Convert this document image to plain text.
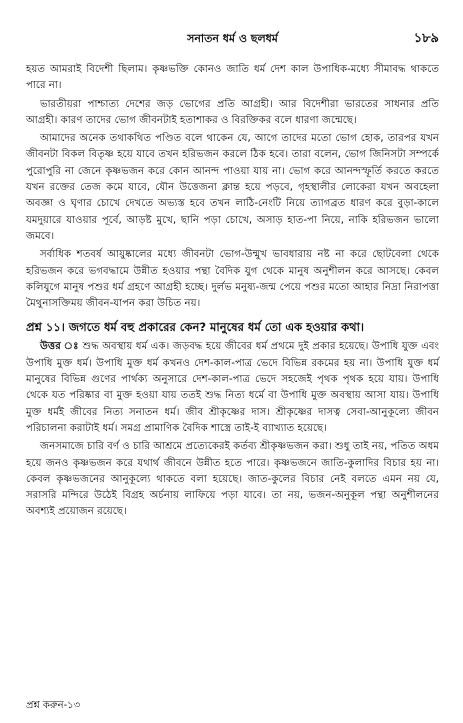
সনাতন ধর্ম ও ছলধর্ম	১৮৯

হয়ত আমরাই বিদেশী ছিলাম। কৃষ্ণভক্তি কোনও জাতি ধর্ম দেশ কাল উপাধিক-মধ্যে সীমাবদ্ধ থাকতে পারে না।

ভারতীয়রা পাশ্চাত্য দেশের জড় ভোগের প্রতি আগ্রহী। আর বিদেশীরা ভারতের সাধনার প্রতি আগ্রহী। কারণ তাদের ভোগ জীবনটাই হতাশাকর ও বিরক্তিকর বলে ধারণা জন্মেছে।

আমাদের অনেক তথাকথিত পণ্ডিত বলে থাকেন যে, আগে তাদের মতো ভোগ হোক, তারপর যখন জীবনটা বিকল বিতৃষ্ণ হয়ে যাবে তখন হরিভজন করলে ঠিক হবে। তারা বলেন, ভোগ জিনিসটা সম্পর্কে পুরোপুরি না জেনে কৃষ্ণভজন করে কোন আনন্দ পাওয়া যায় না। ভোগ করে আনন্দস্ফূর্তি করতে করতে যখন রক্তের তেজ কমে যাবে, যৌন উত্তেজনা ক্লান্ত হয়ে পড়বে, গৃহস্থালীর লোকেরা যখন অবহেলা অবজ্ঞা ও ঘৃণার চোখে দেখতে অভ্যস্ত হবে তখন লাঠি-নেংটি নিয়ে ত্যাগব্রত ধারণ করে বুড়া-কালে যমদুয়ারে যাওয়ার পূর্বে, আড়ষ্ট মুখে, ছানি পড়া চোখে, অসাড় হাত-পা নিয়ে, নাকি হরিভজন ভালো জমবে।

সর্বাধিক শতবর্ষ আয়ুষ্কালের মধ্যে জীবনটা ভোগ-উন্মুখ ভাবধারায় নষ্ট না করে ছোটবেলা থেকে হরিভজন করে ভগবদ্ধামে উন্নীত হওয়ার পন্থা বৈদিক যুগ থেকে মানুষ অনুশীলন করে আসছে। কেবল কলিযুগে মানুষ পশুর ধর্ম গ্রহণে আগ্রহী হচ্ছে। দুর্লভ মনুষ্য-জন্ম পেয়ে পশুর মতো আহার নিদ্রা নিরাপত্তা মৈথুনাসক্তিময় জীবন-যাপন করা উচিত নয়।

প্রশ্ন ১১। জগতে ধর্ম বহু প্রকারের কেন? মানুষের ধর্ম তো এক হওয়ার কথা।

উত্তর ঃ শুদ্ধ অবস্থায় ধর্ম এক। জড়বদ্ধ হয়ে জীবের ধর্ম প্রথমে দুই প্রকার হয়েছে। উপাধি যুক্ত এবং উপাধি মুক্ত ধর্ম। উপাধি মুক্ত ধর্ম কখনও দেশ-কাল-পাত্র ভেদে বিভিন্ন রকমের হয় না। উপাধি যুক্ত ধর্ম মানুষের বিভিন্ন গুণের পার্থক্য অনুসারে দেশ-কাল-পাত্র ভেদে সহজেই পৃথক পৃথক হয়ে যায়। উপাধি থেকে যত পরিষ্কার বা মুক্ত হওয়া যায় ততই শুদ্ধ নিত্য ধর্মে বা উপাধি মুক্ত অবস্থায় আসা যায়। উপাধি মুক্ত ধর্মই জীবের নিত্য সনাতন ধর্ম। জীব শ্রীকৃষ্ণের দাস। শ্রীকৃষ্ণের দাসত্ব সেবা-আনুকূল্যে জীবন পরিচালনা করাটাই ধর্ম। সমগ্র প্রামাণিক বৈদিক শাস্ত্রে তাই-ই ব্যাখ্যাত হয়েছে।

জনসমাজে চারি বর্ণ ও চারি আশ্রমে প্রত্যেকেরই কর্তব্য শ্রীকৃষ্ণভজন করা। শুধু তাই নয়, পতিত অধম হয়ে জনও কৃষ্ণভজন করে যথার্থ জীবনে উন্নীত হতে পারে। কৃষ্ণভজনে জাতি-কুলাদির বিচার হয় না। কেবল কৃষ্ণভজনের আনুকূল্যে থাকতে বলা হয়েছে। জাত-কুলের বিচার নেই বলতে এমন নয় যে, সরাসরি মন্দিরে উঠেই বিগ্রহ অর্চনায় লাফিয়ে পড়া যাবে। তা নয়, ভজন-অনুকূল পন্থা অনুশীলনের অবশ্যই প্রয়োজন রয়েছে।

প্রশ্ন করুন-১৩
